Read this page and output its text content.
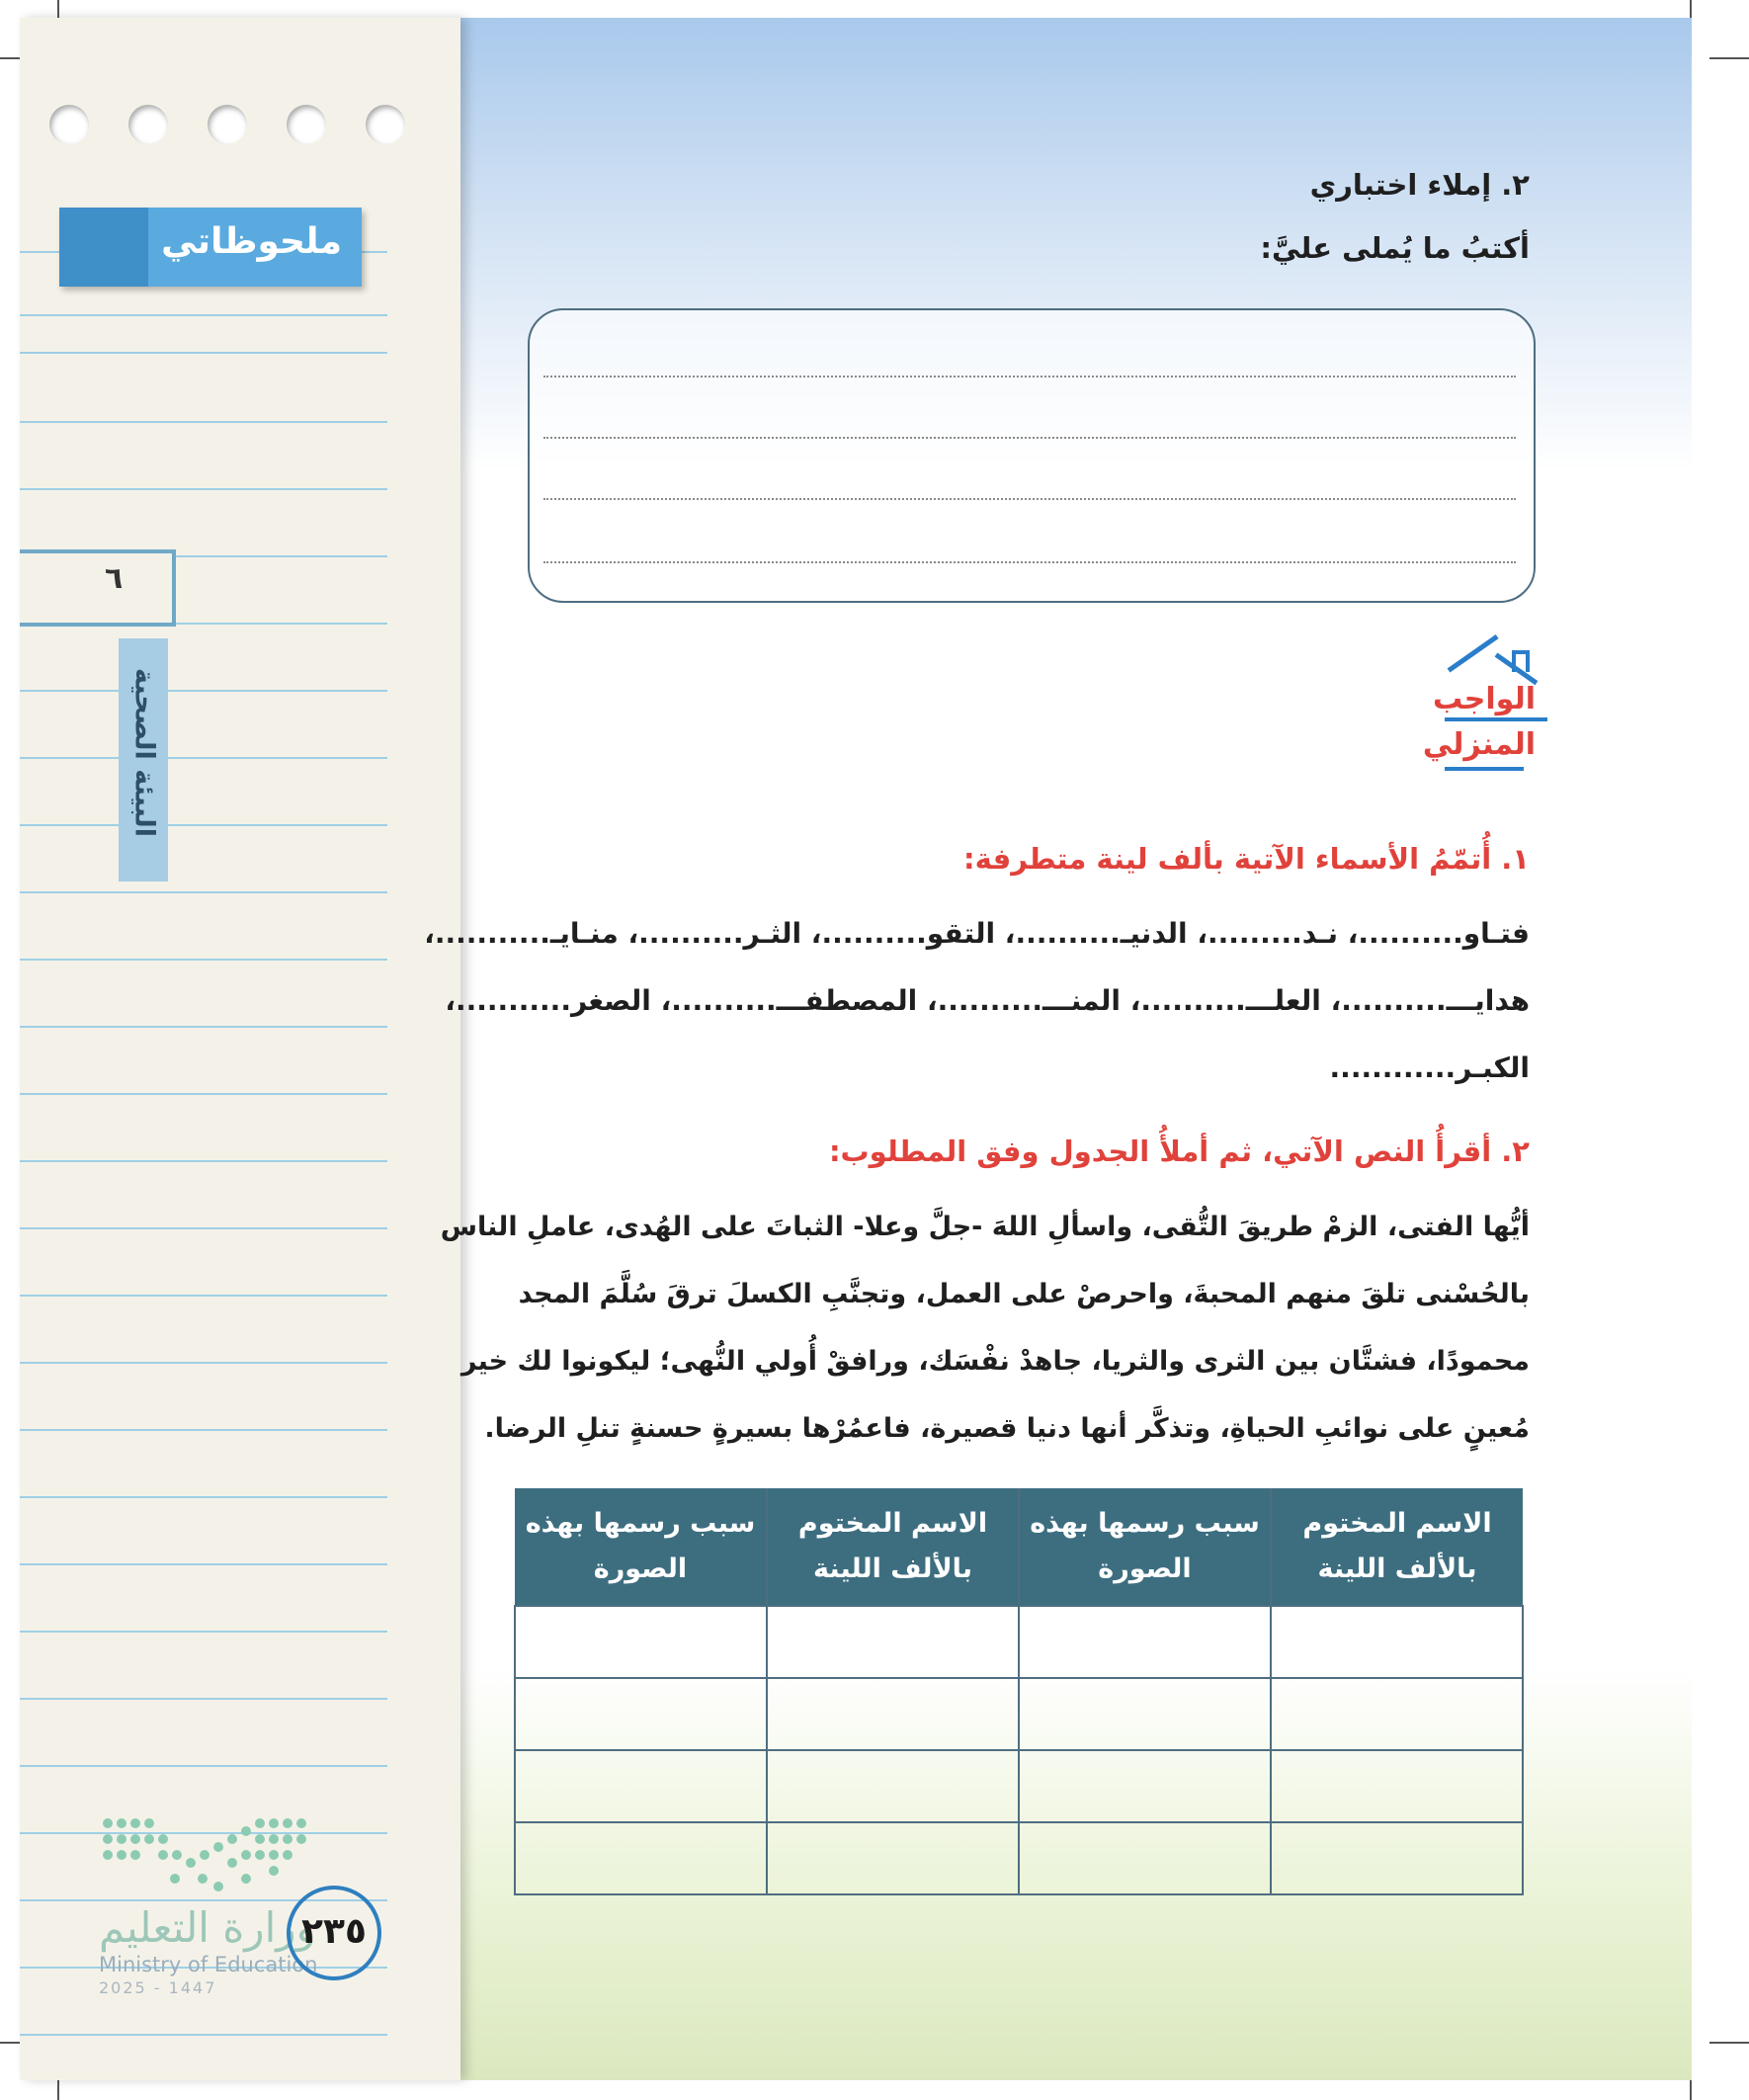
ملحوظاتي
٦
البيئة الصحية
وزارة التعليم
Ministry of Education
2025 - 1447
٢٣٥
٢. إملاء اختباري
أكتبُ ما يُملى عليَّ:
الواجب
المنزلي
١. أُتمّمُ الأسماء الآتية بألف لينة متطرفة:
فتـاو..........، نـد.........، الدنيـ..........، التقو..........، الثـر..........، منـايـ...........،
هدايـــ..........، العلـــ..........، المنـــ..........، المصطفـــ..........، الصغر...........،
الكبـر............
٢. أقرأُ النص الآتي، ثم أملأُ الجدول وفق المطلوب:
أيُّها الفتى، الزمْ طريقَ التُّقى، واسألِ اللهَ -جلَّ وعلا- الثباتَ على الهُدى، عاملِ الناس
بالحُسْنى تلقَ منهم المحبةَ، واحرصْ على العمل، وتجنَّبِ الكسلَ ترقَ سُلَّمَ المجد
محمودًا، فشتَّان بين الثرى والثريا، جاهدْ نفْسَك، ورافقْ أُولي النُّهى؛ ليكونوا لك خير
مُعينٍ على نوائبِ الحياةِ، وتذكَّر أنها دنيا قصيرة، فاعمُرْها بسيرةٍ حسنةٍ تنلِ الرضا.
الاسم المختوم بالألف اللينة	سبب رسمها بهذه الصورة	الاسم المختوم بالألف اللينة	سبب رسمها بهذه الصورة
